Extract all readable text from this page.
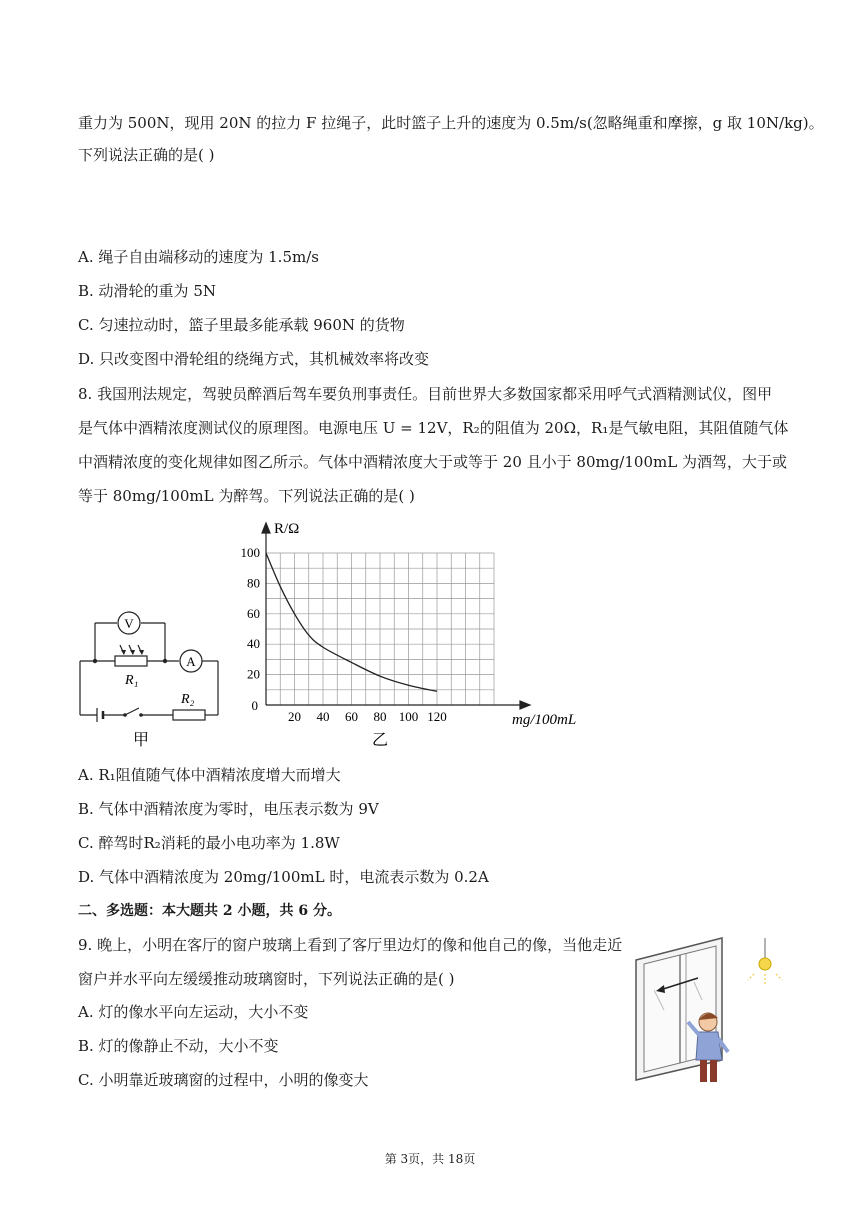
重力为 500N，现用 20N 的拉力 F 拉绳子，此时篮子上升的速度为 0.5m/s(忽略绳重和摩擦，g 取 10N/kg)。
下列说法正确的是( )
A. 绳子自由端移动的速度为 1.5m/s
B. 动滑轮的重为 5N
C. 匀速拉动时，篮子里最多能承载 960N 的货物
D. 只改变图中滑轮组的绕绳方式，其机械效率将改变
8. 我国刑法规定，驾驶员醉酒后驾车要负刑事责任。目前世界大多数国家都采用呼气式酒精测试仪，图甲
是气体中酒精浓度测试仪的原理图。电源电压 U = 12V，R₂的阻值为 20Ω，R₁是气敏电阻，其阻值随气体
中酒精浓度的变化规律如图乙所示。气体中酒精浓度大于或等于 20 且小于 80mg/100mL 为酒驾，大于或
等于 80mg/100mL 为醉驾。下列说法正确的是( )
V
A
R₁
R₂
甲
20 40 60 80 100 120
20
40
60
80
100
R/Ω
mg/100mL
0
乙
A. R₁阻值随气体中酒精浓度增大而增大
B. 气体中酒精浓度为零时，电压表示数为 9V
C. 醉驾时R₂消耗的最小电功率为 1.8W
D. 气体中酒精浓度为 20mg/100mL 时，电流表示数为 0.2A
二、多选题：本大题共 2 小题，共 6 分。
9. 晚上，小明在客厅的窗户玻璃上看到了客厅里边灯的像和他自己的像，当他走近
窗户并水平向左缓缓推动玻璃窗时，下列说法正确的是( )
A. 灯的像水平向左运动，大小不变
B. 灯的像静止不动，大小不变
C. 小明靠近玻璃窗的过程中，小明的像变大
第 3页，共 18页
